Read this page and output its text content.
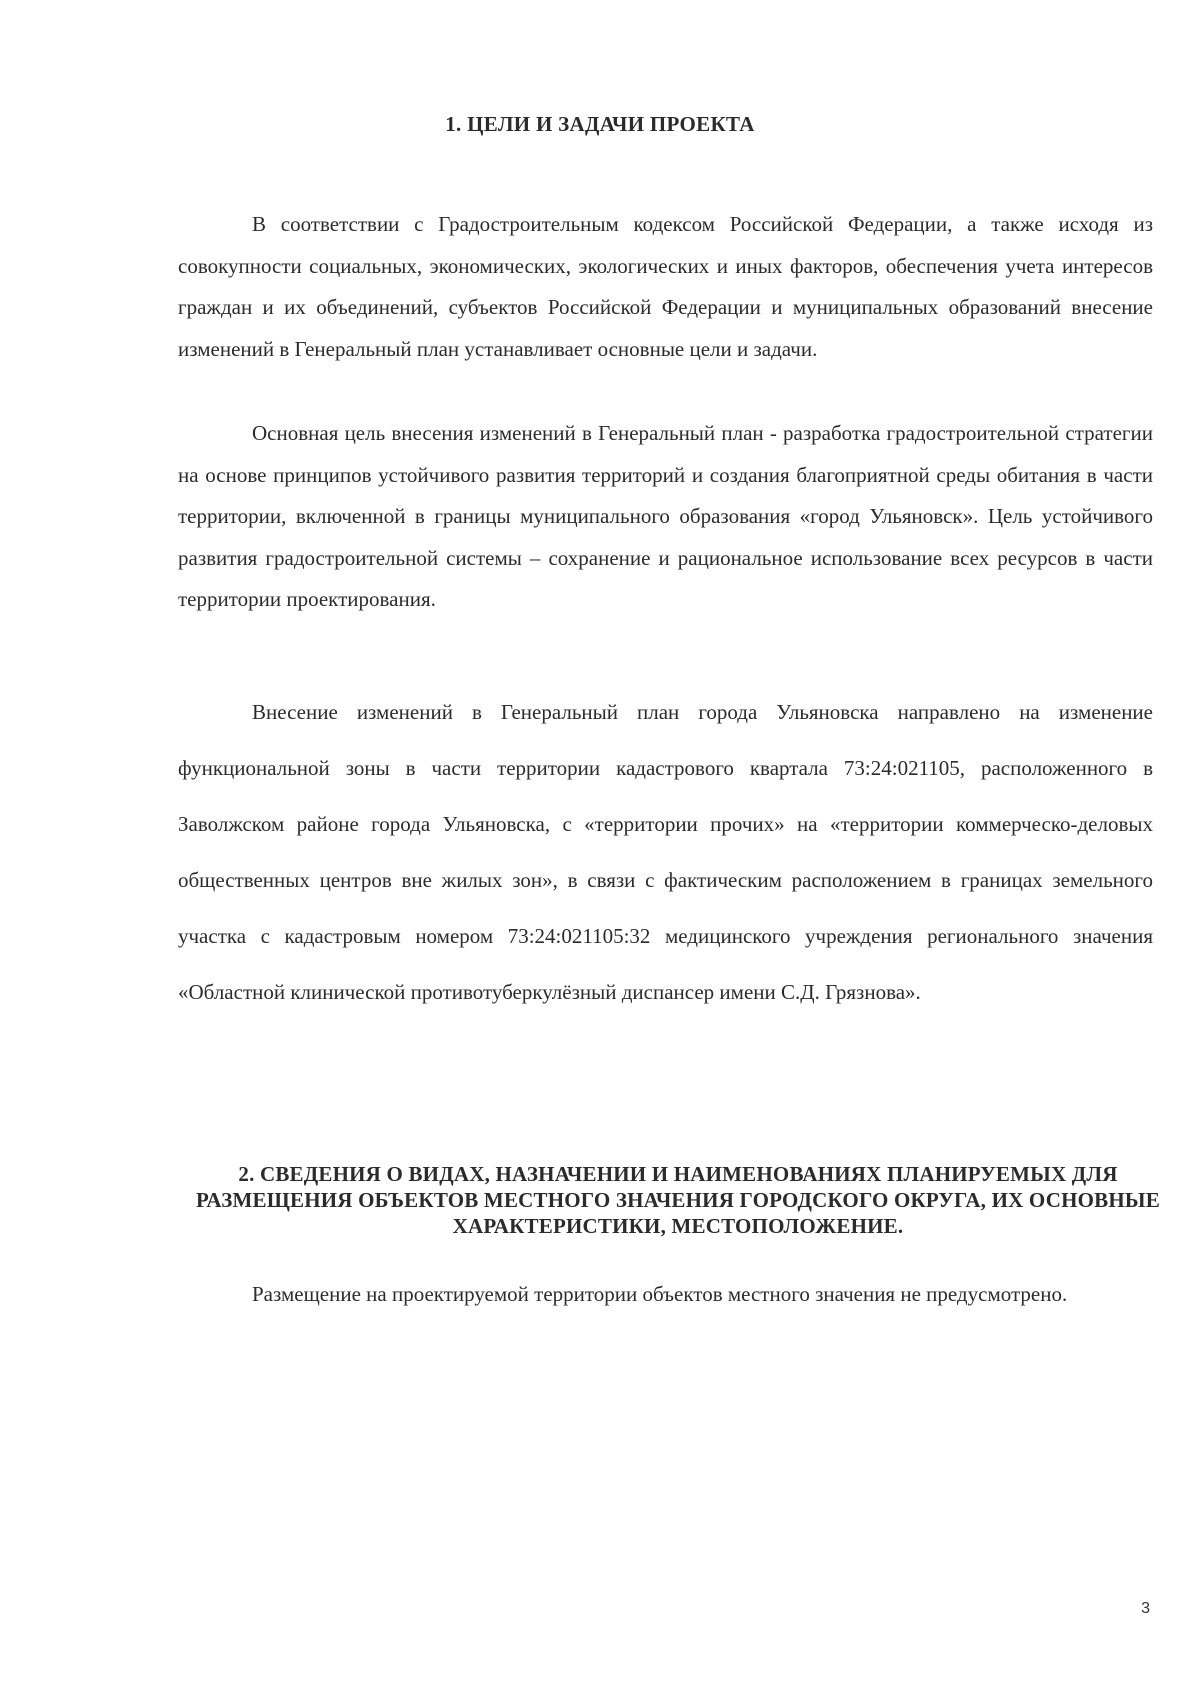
1. ЦЕЛИ И ЗАДАЧИ ПРОЕКТА

В соответствии с Градостроительным кодексом Российской Федерации, а также исходя из совокупности социальных, экономических, экологических и иных факторов, обеспечения учета интересов граждан и их объединений, субъектов Российской Федерации и муниципальных образований внесение изменений в Генеральный план устанавливает основные цели и задачи.

Основная цель внесения изменений в Генеральный план - разработка градостроительной стратегии на основе принципов устойчивого развития территорий и создания благоприятной среды обитания в части территории, включенной в границы муниципального образования «город Ульяновск». Цель устойчивого развития градостроительной системы – сохранение и рациональное использование всех ресурсов в части территории проектирования.

Внесение изменений в Генеральный план города Ульяновска направлено на изменение функциональной зоны в части территории кадастрового квартала 73:24:021105, расположенного в Заволжском районе города Ульяновска, с «территории прочих» на «территории коммерческо-деловых общественных центров вне жилых зон», в связи с фактическим расположением в границах земельного участка с кадастровым номером 73:24:021105:32 медицинского учреждения регионального значения «Областной клинической противотуберкулёзный диспансер имени С.Д. Грязнова».

2. СВЕДЕНИЯ О ВИДАХ, НАЗНАЧЕНИИ И НАИМЕНОВАНИЯХ ПЛАНИРУЕМЫХ ДЛЯ РАЗМЕЩЕНИЯ ОБЪЕКТОВ МЕСТНОГО ЗНАЧЕНИЯ ГОРОДСКОГО ОКРУГА, ИХ ОСНОВНЫЕ ХАРАКТЕРИСТИКИ, МЕСТОПОЛОЖЕНИЕ.

Размещение на проектируемой территории объектов местного значения не предусмотрено.

3
